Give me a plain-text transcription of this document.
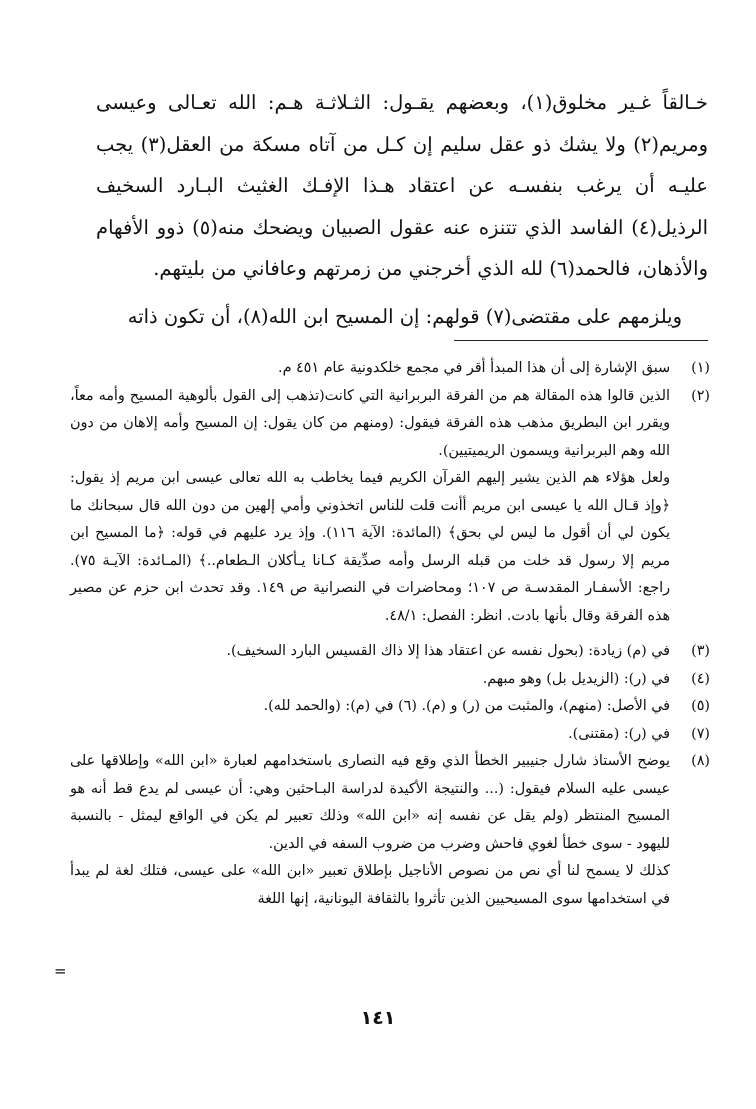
خـالقاً غـير مخلوق(١)، وبعضهم يقـول: الثـلاثـة هـم: الله تعـالى وعيسى ومريم(٢) ولا يشك ذو عقل سليم إن كـل من آتاه مسكة من العقل(٣) يجب عليـه أن يرغب بنفسـه عن اعتقاد هـذا الإفـك الغثيث البـارد السخيف الرذيل(٤) الفاسد الذي تتنزه عنه عقول الصبيان ويضحك منه(٥) ذوو الأفهام والأذهان، فالحمد(٦) لله الذي أخرجني من زمرتهم وعافاني من بليتهم.

ويلزمهم على مقتضى(٧) قولهم: إن المسيح ابن الله(٨)، أن تكون ذاته

(١)
سبق الإشارة إلى أن هذا المبدأ أقر في مجمع خلكدونية عام ٤٥١ م.
(٢)
الذين قالوا هذه المقالة هم من الفرقة البربرانية التي كانت(تذهب إلى القول بألوهية المسيح وأمه معاً، ويقرر ابن البطريق مذهب هذه الفرقة فيقول: (ومنهم من كان يقول: إن المسيح وأمه إلاهان من دون الله وهم البربرانية ويسمون الريميتيين).
ولعل هؤلاء هم الذين يشير إليهم القرآن الكريم فيما يخاطب به الله تعالى عيسى ابن مريم إذ يقول: ﴿وإذ قـال الله يا عيسى ابن مريم أأنت قلت للناس اتخذوني وأمي إلهين من دون الله قال سبحانك ما يكون لي أن أقول ما ليس لي بحق﴾ (المائدة: الآية ١١٦). وإذ يرد عليهم في قوله: ﴿ما المسيح ابن مريم إلا رسول قد خلت من قبله الرسل وأمه صدِّيقة كـانا يـأكلان الـطعام..﴾ (المـائدة: الآيـة ٧٥). راجع: الأسفـار المقدسـة ص ١٠٧؛ ومحاضرات في النصرانية ص ١٤٩. وقد تحدث ابن حزم عن مصير هذه الفرقة وقال بأنها بادت. انظر: الفصل: ٤٨/١.
(٣)
في (م) زيادة: (بحول نفسه عن اعتقاد هذا إلا ذاك القسيس البارد السخيف).
(٤)
في (ر): (الزيديل بل) وهو مبهم.
(٥)
في الأصل: (منهم)، والمثبت من (ر) و (م). (٦) في (م): (والحمد لله).
(٧)
في (ر): (مقتنى).
(٨)
يوضح الأستاذ شارل جنيبير الخطأ الذي وقع فيه النصارى باستخدامهم لعبارة «ابن الله» وإطلاقها على عيسى عليه السلام فيقول: (... والنتيجة الأكيدة لدراسة البـاحثين وهي: أن عيسى لم يدع قط أنه هو المسيح المنتظر (ولم يقل عن نفسه إنه «ابن الله» وذلك تعبير لم يكن في الواقع ليمثل - بالنسبة لليهود - سوى خطأ لغوي فاحش وضرب من ضروب السفه في الدين.
كذلك لا يسمح لنا أي نص من نصوص الأناجيل بإطلاق تعبير «ابن الله» على عيسى، فتلك لغة لم يبدأ في استخدامها سوى المسيحيين الذين تأثروا بالثقافة اليونانية، إنها اللغة
=
١٤١
